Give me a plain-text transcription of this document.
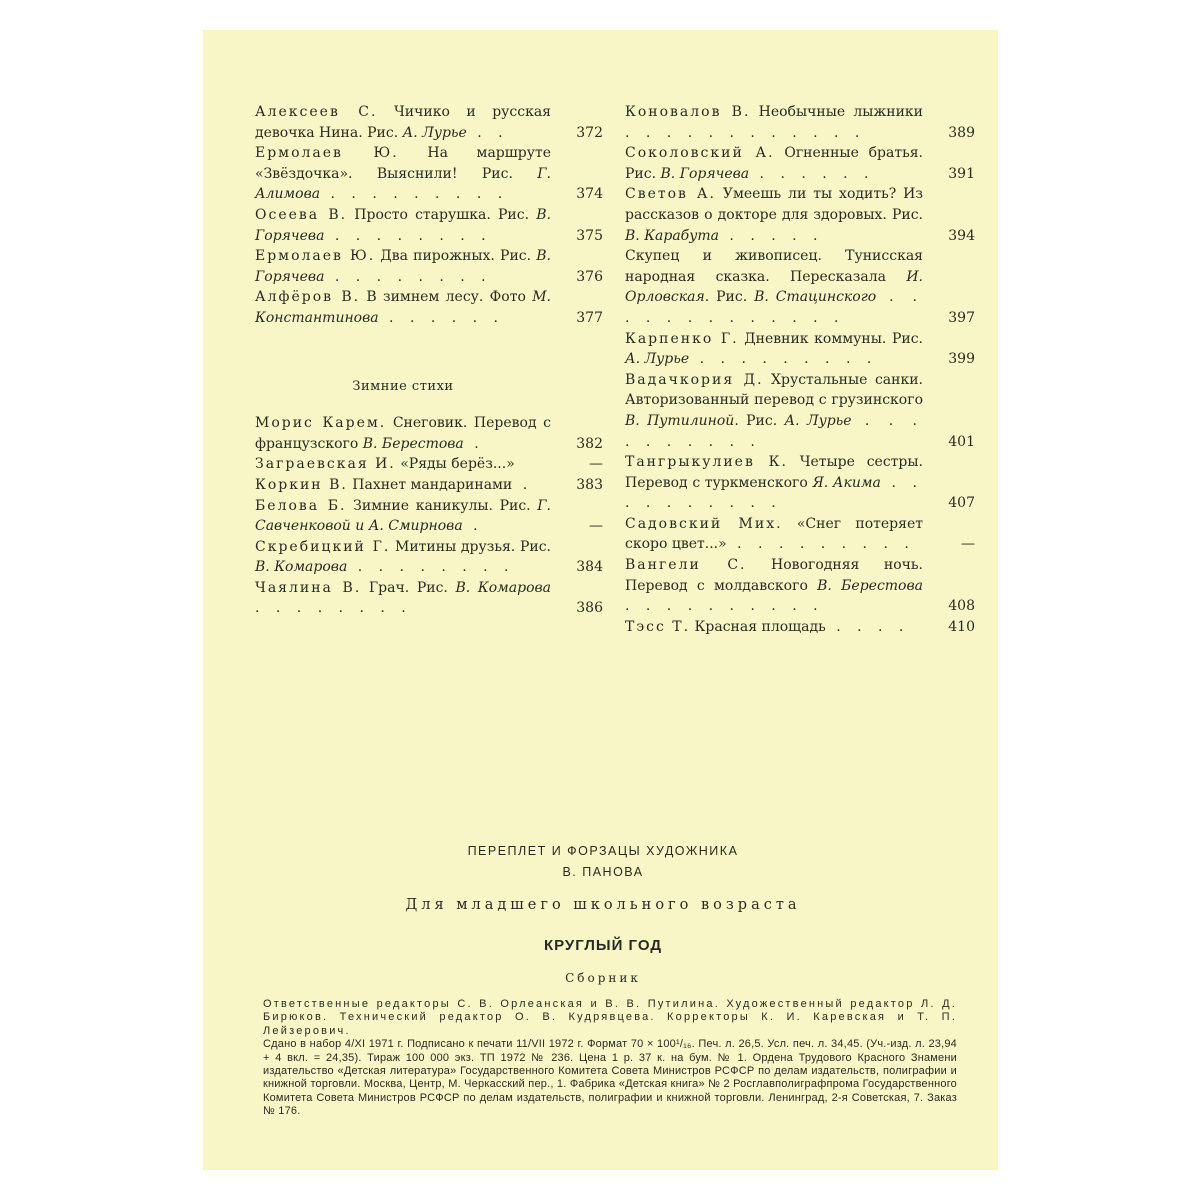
Алексеев С. Чичико и русская девочка Нина. Рис. А. Лурье . .	372
Ермолаев Ю. На маршруте «Звёздочка». Выяснили! Рис. Г. Алимова . . . . . . . . .	374
Осеева В. Просто старушка. Рис. В. Горячева . . . . . . . .	375
Ермолаев Ю. Два пирожных. Рис. В. Горячева . . . . . . . .	376
Алфёров В. В зимнем лесу. Фото М. Константинова . . . . . .	377
Зимние стихи
Морис Карем. Снеговик. Перевод с французского В. Берестова .	382
Заграевская И. «Ряды берёз...»	—
Коркин В. Пахнет мандаринами .	383
Белова Б. Зимние каникулы. Рис. Г. Савченковой и А. Смирнова .	—
Скребицкий Г. Митины друзья. Рис. В. Комарова . . . . . . . .	384
Чаялина В. Грач. Рис. В. Комарова . . . . . . . .	386
Коновалов В. Необычные лыжники . . . . . . . . . . . .	389
Соколовский А. Огненные братья. Рис. В. Горячева . . . . . .	391
Светов А. Умеешь ли ты ходить? Из рассказов о докторе для здоровых. Рис. В. Карабута . . . . .	394
Скупец и живописец. Тунисская народная сказка. Пересказала И. Орловская. Рис. В. Стацинского . . . . . . . . . . . . .	397
Карпенко Г. Дневник коммуны. Рис. А. Лурье . . . . . . . . .	399
Вадачкория Д. Хрустальные санки. Авторизованный перевод с грузинского В. Путилиной. Рис. А. Лурье . . . . . . . . . .	401
Тангрыкулиев К. Четыре сестры. Перевод с туркменского Я. Акима . . . . . . . . . .	407
Садовский Мих. «Снег потеряет скоро цвет...» . . . . . . . . .	—
Вангели С. Новогодняя ночь. Перевод с молдавского В. Берестова . . . . . . . . . .	408
Тэсс Т. Красная площадь . . . .	410
ПЕРЕПЛЕТ И ФОРЗАЦЫ ХУДОЖНИКА
В. ПАНОВА
Для младшего школьного возраста
КРУГЛЫЙ ГОД
Сборник

Ответственные редакторы С. В. Орлеанская и В. В. Путилина. Художественный редактор Л. Д. Бирюков. Технический редактор О. В. Кудрявцева. Корректоры К. И. Каревская и Т. П. Лейзерович.

Сдано в набор 4/XI 1971 г. Подписано к печати 11/VII 1972 г. Формат 70 × 100¹/₁₆. Печ. л. 26,5. Усл. печ. л. 34,45. (Уч.-изд. л. 23,94 + 4 вкл. = 24,35). Тираж 100 000 экз. ТП 1972 № 236. Цена 1 р. 37 к. на бум. № 1. Ордена Трудового Красного Знамени издательство «Детская литература» Государственного Комитета Совета Министров РСФСР по делам издательств, полиграфии и книжной торговли. Москва, Центр, М. Черкасский пер., 1. Фабрика «Детская книга» № 2 Росглавполиграфпрома Государственного Комитета Совета Министров РСФСР по делам издательств, полиграфии и книжной торговли. Ленинград, 2-я Советская, 7. Заказ № 176.
